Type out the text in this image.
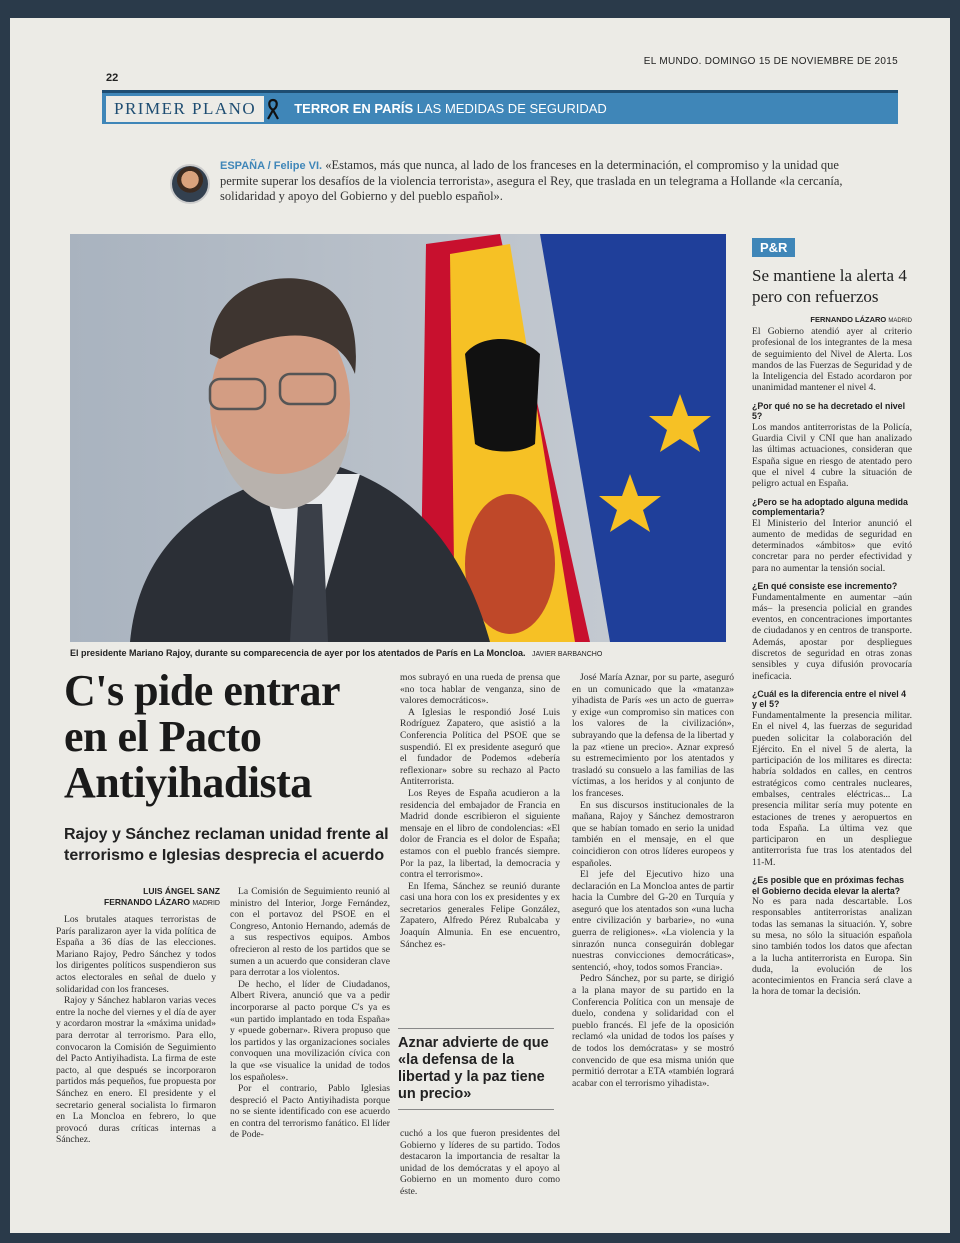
22
EL MUNDO. DOMINGO 15 DE NOVIEMBRE DE 2015
PRIMER PLANO	TERROR EN PARÍS LAS MEDIDAS DE SEGURIDAD
ESPAÑA / Felipe VI. «Estamos, más que nunca, al lado de los franceses en la determinación, el compromiso y la unidad que permite superar los desafíos de la violencia terrorista», asegura el Rey, que traslada en un telegrama a Hollande «la cercanía, solidaridad y apoyo del Gobierno y del pueblo español».
El presidente Mariano Rajoy, durante su comparecencia de ayer por los atentados de París en La Moncloa. JAVIER BARBANCHO
C's pide entrar en el Pacto Antiyihadista
Rajoy y Sánchez reclaman unidad frente al terrorismo e Iglesias desprecia el acuerdo
LUIS ÁNGEL SANZ
FERNANDO LÁZARO MADRID

Los brutales ataques terroristas de París paralizaron ayer la vida política de España a 36 días de las elecciones. Mariano Rajoy, Pedro Sánchez y todos los dirigentes políticos suspendieron sus actos electorales en señal de duelo y solidaridad con los franceses.

Rajoy y Sánchez hablaron varias veces entre la noche del viernes y el día de ayer y acordaron mostrar la «máxima unidad» para derrotar al terrorismo. Para ello, convocaron la Comisión de Seguimiento del Pacto Antiyihadista. La firma de este pacto, al que después se incorporaron partidos más pequeños, fue propuesta por Sánchez en enero. El presidente y el secretario general socialista lo firmaron en La Moncloa en febrero, lo que provocó duras críticas internas a Sánchez.

La Comisión de Seguimiento reunió al ministro del Interior, Jorge Fernández, con el portavoz del PSOE en el Congreso, Antonio Hernando, además de a sus respectivos equipos. Ambos ofrecieron al resto de los partidos que se sumen a un acuerdo que consideran clave para derrotar a los violentos.

De hecho, el líder de Ciudadanos, Albert Rivera, anunció que va a pedir incorporarse al pacto porque C's ya es «un partido implantado en toda España» y «puede gobernar». Rivera propuso que los partidos y las organizaciones sociales convoquen una movilización cívica con la que «se visualice la unidad de todos los españoles».

Por el contrario, Pablo Iglesias despreció el Pacto Antiyihadista porque no se siente identificado con ese acuerdo en contra del terrorismo fanático. El líder de Pode-

mos subrayó en una rueda de prensa que «no toca hablar de venganza, sino de valores democráticos».

A Iglesias le respondió José Luis Rodríguez Zapatero, que asistió a la Conferencia Política del PSOE que se suspendió. El ex presidente aseguró que el fundador de Podemos «debería reflexionar» sobre su rechazo al Pacto Antiterrorista.

Los Reyes de España acudieron a la residencia del embajador de Francia en Madrid donde escribieron el siguiente mensaje en el libro de condolencias: «El dolor de Francia es el dolor de España; estamos con el pueblo francés siempre. Por la paz, la libertad, la democracia y contra el terrorismo».

En Ifema, Sánchez se reunió durante casi una hora con los ex presidentes y ex secretarios generales Felipe González, Zapatero, Alfredo Pérez Rubalcaba y Joaquín Almunia. En ese encuentro, Sánchez es-

Aznar advierte de que «la defensa de la libertad y la paz tiene un precio»

cuchó a los que fueron presidentes del Gobierno y líderes de su partido. Todos destacaron la importancia de resaltar la unidad de los demócratas y el apoyo al Gobierno en un momento duro como éste.

José María Aznar, por su parte, aseguró en un comunicado que la «matanza» yihadista de París «es un acto de guerra» y exige «un compromiso sin matices con los valores de la civilización», subrayando que la defensa de la libertad y la paz «tiene un precio». Aznar expresó su estremecimiento por los atentados y trasladó su consuelo a las familias de las víctimas, a los heridos y al conjunto de los franceses.

En sus discursos institucionales de la mañana, Rajoy y Sánchez demostraron que se habían tomado en serio la unidad también en el mensaje, en el que coincidieron con otros líderes europeos y españoles.

El jefe del Ejecutivo hizo una declaración en La Moncloa antes de partir hacia la Cumbre del G-20 en Turquía y aseguró que los atentados son «una lucha entre civilización y barbarie», no «una guerra de religiones». «La violencia y la sinrazón nunca conseguirán doblegar nuestras convicciones democráticas», sentenció, «hoy, todos somos Francia».

Pedro Sánchez, por su parte, se dirigió a la plana mayor de su partido en la Conferencia Política con un mensaje de duelo, condena y solidaridad con el pueblo francés. El jefe de la oposición reclamó «la unidad de todos los países y de todos los demócratas» y se mostró convencido de que esa misma unión que permitió derrotar a ETA «también logrará acabar con el terrorismo yihadista».

P&R
Se mantiene la alerta 4 pero con refuerzos
FERNANDO LÁZARO MADRID
El Gobierno atendió ayer al criterio profesional de los integrantes de la mesa de seguimiento del Nivel de Alerta. Los mandos de las Fuerzas de Seguridad y de la Inteligencia del Estado acordaron por unanimidad mantener el nivel 4.
¿Por qué no se ha decretado el nivel 5?
Los mandos antiterroristas de la Policía, Guardia Civil y CNI que han analizado las últimas actuaciones, consideran que España sigue en riesgo de atentado pero que el nivel 4 cubre la situación de peligro actual en España.
¿Pero se ha adoptado alguna medida complementaria?
El Ministerio del Interior anunció el aumento de medidas de seguridad en determinados «ámbitos» que evitó concretar para no perder efectividad y para no aumentar la tensión social.
¿En qué consiste ese incremento?
Fundamentalmente en aumentar –aún más– la presencia policial en grandes eventos, en concentraciones importantes de ciudadanos y en centros de transporte. Además, apostar por despliegues discretos de seguridad en otras zonas sensibles y cuya difusión provocaría ineficacia.
¿Cuál es la diferencia entre el nivel 4 y el 5?
Fundamentalmente la presencia militar. En el nivel 4, las fuerzas de seguridad pueden solicitar la colaboración del Ejército. En el nivel 5 de alerta, la participación de los militares es directa: habría soldados en calles, en centros estratégicos como centrales nucleares, embalses, centrales eléctricas... La presencia militar sería muy potente en estaciones de trenes y aeropuertos en toda España. La última vez que participaron en un despliegue antiterrorista fue tras los atentados del 11-M.
¿Es posible que en próximas fechas el Gobierno decida elevar la alerta?
No es para nada descartable. Los responsables antiterroristas analizan todas las semanas la situación. Y, sobre su mesa, no sólo la situación española sino también todos los datos que afectan a la lucha antiterrorista en Europa. Sin duda, la evolución de los acontecimientos en Francia será clave a la hora de tomar la decisión.
